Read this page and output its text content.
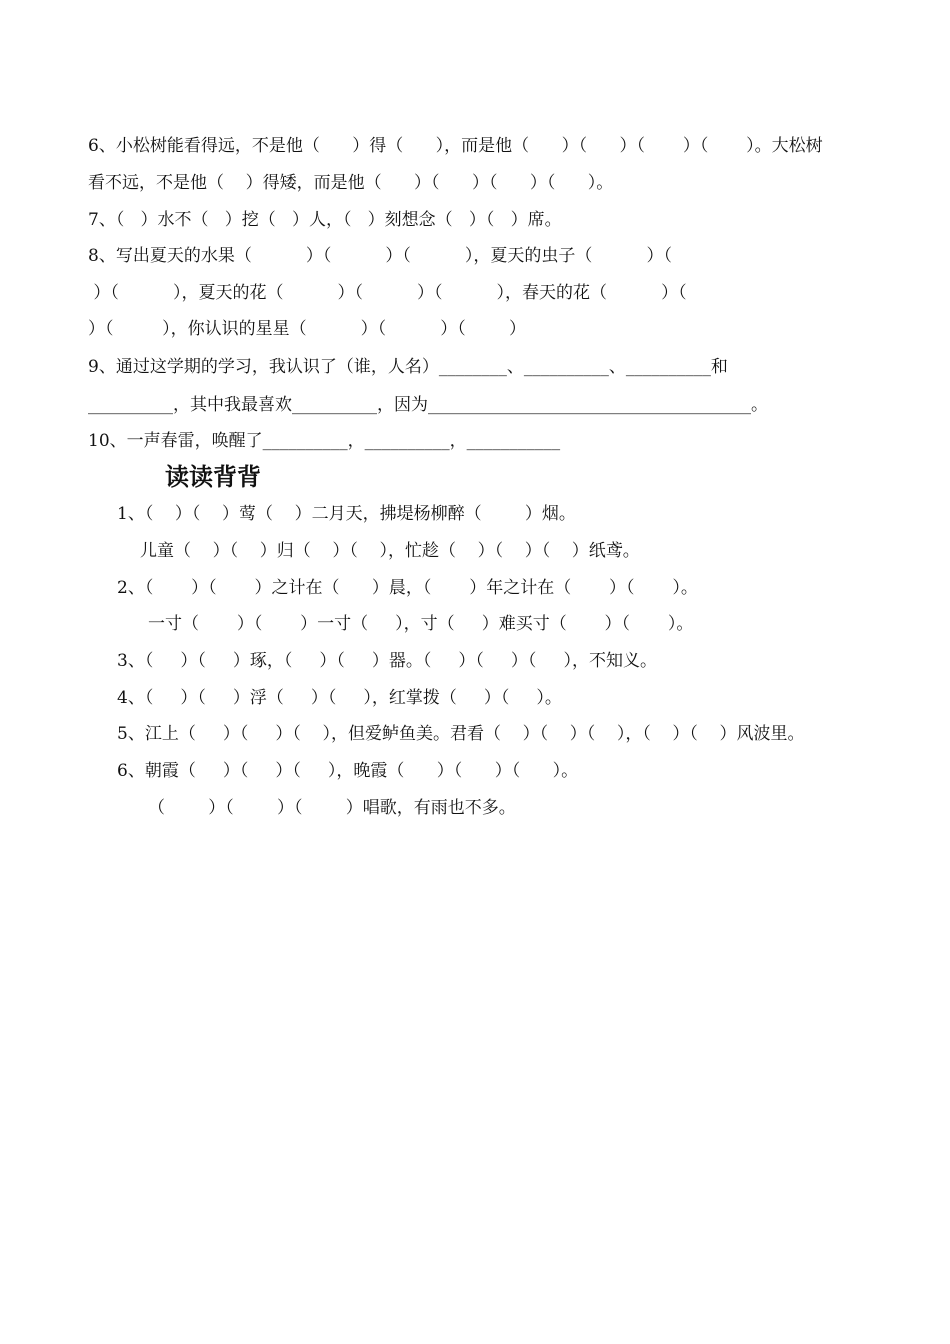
6、小松树能看得远，不是他（      ）得（      ），而是他（      ）（      ）（       ）（       ）。大松树
看不远，不是他（    ）得矮，而是他（      ）（      ）（      ）（      ）。
7、（   ）水不（   ）挖（   ）人，（   ）刻想念（   ）（   ）席。
8、写出夏天的水果（          ）（          ）（          ），夏天的虫子（          ）（
）（          ），夏天的花（          ）（          ）（          ），春天的花（          ）（
）（         ），你认识的星星（          ）（          ）（        ）
9、通过这学期的学习，我认识了（谁，人名）________、__________、__________和
__________，其中我最喜欢__________，因为______________________________________。
10、一声春雷，唤醒了__________，__________，___________
读读背背
1、（    ）（    ）莺（    ）二月天，拂堤杨柳醉（        ）烟。
儿童（    ）（    ）归（    ）（    ），忙趁（    ）（    ）（    ）纸鸢。
2、（       ）（       ）之计在（      ）晨，（       ）年之计在（       ）（       ）。
一寸（       ）（       ）一寸（     ），寸（     ）难买寸（       ）（       ）。
3、（     ）（     ）琢，（     ）（     ）器。（     ）（     ）（     ），不知义。
4、（     ）（     ）浮（     ）（     ），红掌拨（     ）（     ）。
5、江上（     ）（     ）（    ），但爱鲈鱼美。君看（    ）（    ）（    ），（    ）（    ）风波里。
6、朝霞（     ）（     ）（     ），晚霞（      ）（      ）（      ）。
（        ）（        ）（        ）唱歌，有雨也不多。
